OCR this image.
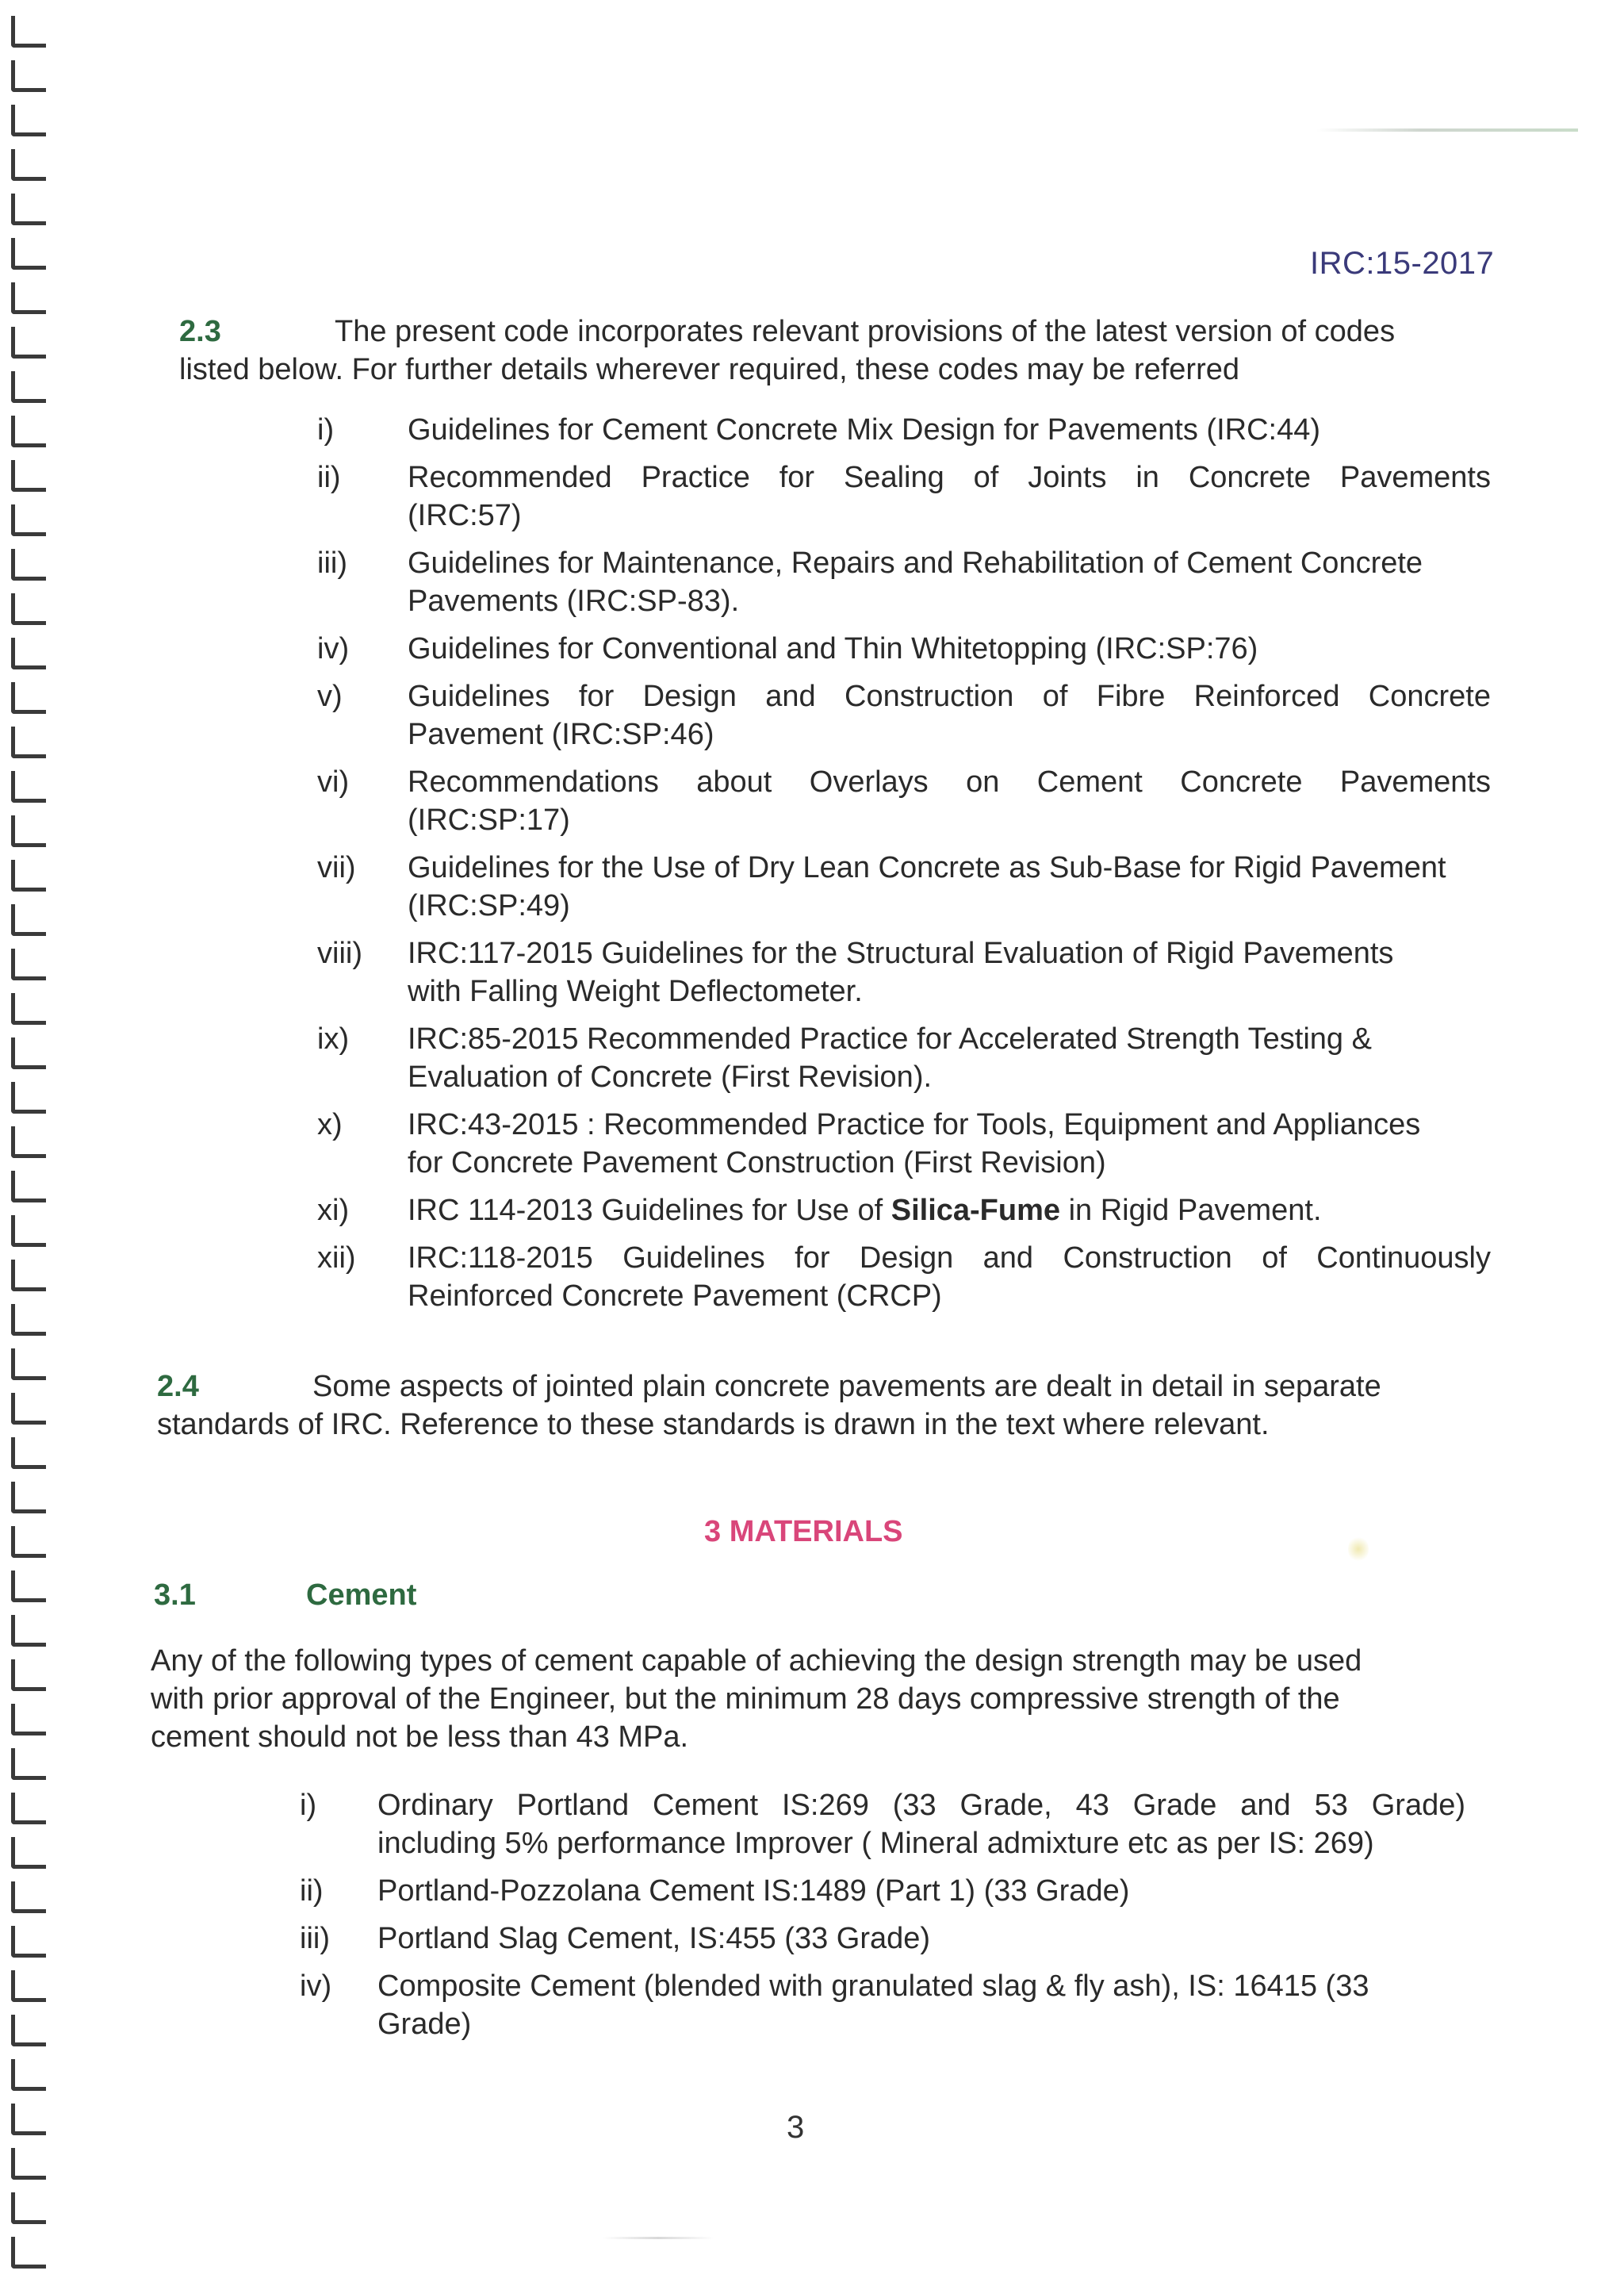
IRC:15-2017
2.3	The present code incorporates relevant provisions of the latest version of codes
listed below. For further details wherever required, these codes may be referred
i) Guidelines for Cement Concrete Mix Design for Pavements (IRC:44)
ii) Recommended Practice for Sealing of Joints in Concrete Pavements
(IRC:57)
iii) Guidelines for Maintenance, Repairs and Rehabilitation of Cement Concrete
Pavements (IRC:SP-83).
iv) Guidelines for Conventional and Thin Whitetopping (IRC:SP:76)
v) Guidelines for Design and Construction of Fibre Reinforced Concrete
Pavement (IRC:SP:46)
vi) Recommendations about Overlays on Cement Concrete Pavements
(IRC:SP:17)
vii) Guidelines for the Use of Dry Lean Concrete as Sub-Base for Rigid Pavement
(IRC:SP:49)
viii) IRC:117-2015 Guidelines for the Structural Evaluation of Rigid Pavements
with Falling Weight Deflectometer.
ix) IRC:85-2015 Recommended Practice for Accelerated Strength Testing &
Evaluation of Concrete (First Revision).
x) IRC:43-2015 : Recommended Practice for Tools, Equipment and Appliances
for Concrete Pavement Construction (First Revision)
xi) IRC 114-2013 Guidelines for Use of Silica-Fume in Rigid Pavement.
xii) IRC:118-2015 Guidelines for Design and Construction of Continuously
Reinforced Concrete Pavement (CRCP)
2.4	Some aspects of jointed plain concrete pavements are dealt in detail in separate
standards of IRC. Reference to these standards is drawn in the text where relevant.
3 MATERIALS
3.1	Cement
Any of the following types of cement capable of achieving the design strength may be used
with prior approval of the Engineer, but the minimum 28 days compressive strength of the
cement should not be less than 43 MPa.
i) Ordinary Portland Cement IS:269 (33 Grade, 43 Grade and 53 Grade)
including 5% performance Improver ( Mineral admixture etc as per IS: 269)
ii) Portland-Pozzolana Cement IS:1489 (Part 1) (33 Grade)
iii) Portland Slag Cement, IS:455 (33 Grade)
iv) Composite Cement (blended with granulated slag & fly ash), IS: 16415 (33
Grade)
3
